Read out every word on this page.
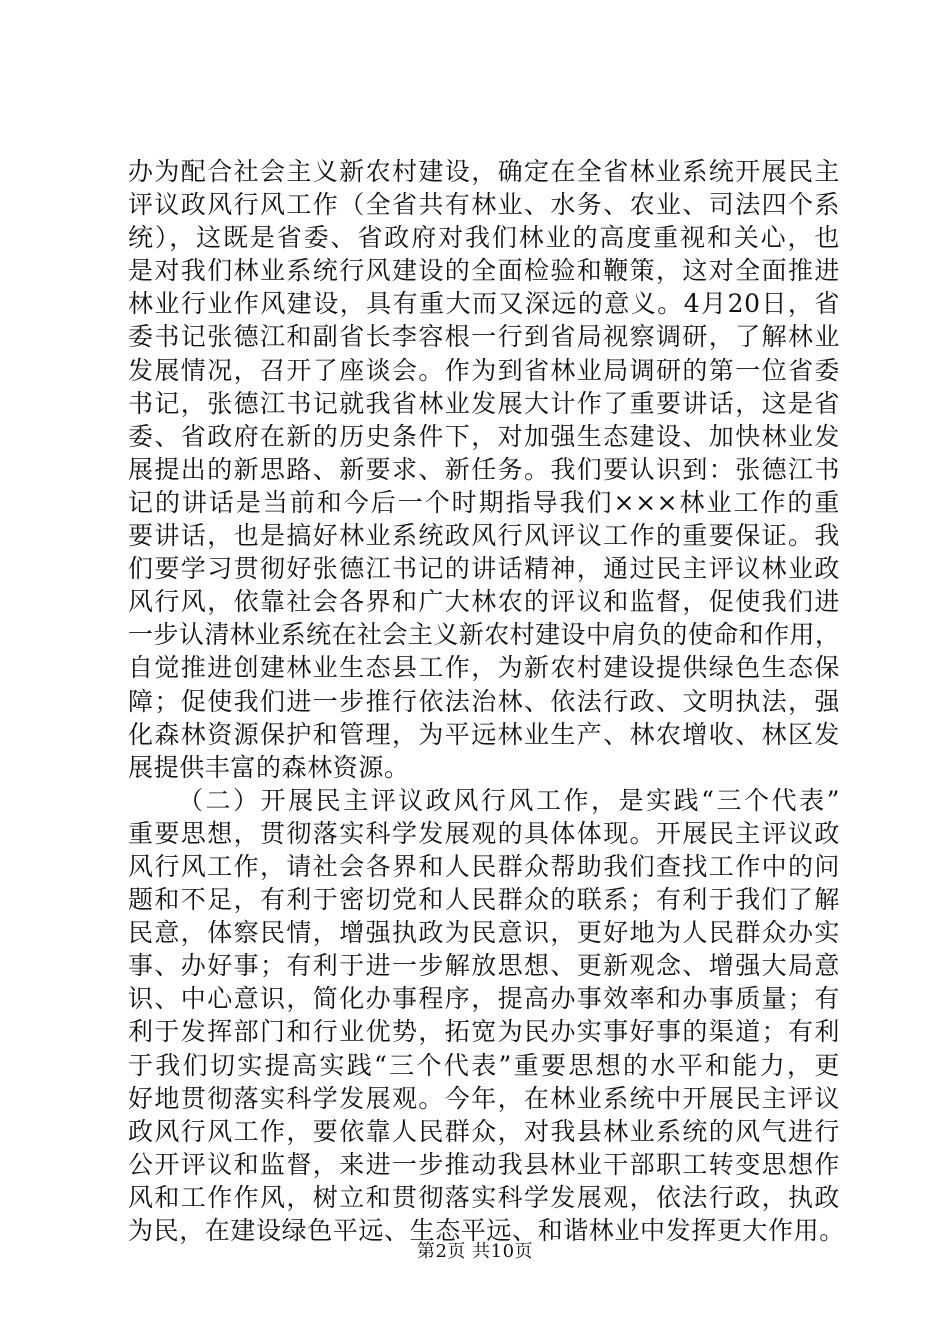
办为配合社会主义新农村建设，确定在全省林业系统开展民主
评议政风行风工作（全省共有林业、水务、农业、司法四个系
统），这既是省委、省政府对我们林业的高度重视和关心，也
是对我们林业系统行风建设的全面检验和鞭策，这对全面推进
林业行业作风建设，具有重大而又深远的意义。4月20日，省
委书记张德江和副省长李容根一行到省局视察调研，了解林业
发展情况，召开了座谈会。作为到省林业局调研的第一位省委
书记，张德江书记就我省林业发展大计作了重要讲话，这是省
委、省政府在新的历史条件下，对加强生态建设、加快林业发
展提出的新思路、新要求、新任务。我们要认识到：张德江书
记的讲话是当前和今后一个时期指导我们×××林业工作的重
要讲话，也是搞好林业系统政风行风评议工作的重要保证。我
们要学习贯彻好张德江书记的讲话精神，通过民主评议林业政
风行风，依靠社会各界和广大林农的评议和监督，促使我们进
一步认清林业系统在社会主义新农村建设中肩负的使命和作用，
自觉推进创建林业生态县工作，为新农村建设提供绿色生态保
障；促使我们进一步推行依法治林、依法行政、文明执法，强
化森林资源保护和管理，为平远林业生产、林农增收、林区发
展提供丰富的森林资源。
（二）开展民主评议政风行风工作，是实践“三个代表”
重要思想，贯彻落实科学发展观的具体体现。开展民主评议政
风行风工作，请社会各界和人民群众帮助我们查找工作中的问
题和不足，有利于密切党和人民群众的联系；有利于我们了解
民意，体察民情，增强执政为民意识，更好地为人民群众办实
事、办好事；有利于进一步解放思想、更新观念、增强大局意
识、中心意识，简化办事程序，提高办事效率和办事质量；有
利于发挥部门和行业优势，拓宽为民办实事好事的渠道；有利
于我们切实提高实践“三个代表”重要思想的水平和能力，更
好地贯彻落实科学发展观。今年，在林业系统中开展民主评议
政风行风工作，要依靠人民群众，对我县林业系统的风气进行
公开评议和监督，来进一步推动我县林业干部职工转变思想作
风和工作作风，树立和贯彻落实科学发展观，依法行政，执政
为民，在建设绿色平远、生态平远、和谐林业中发挥更大作用。
第2页 共10页
